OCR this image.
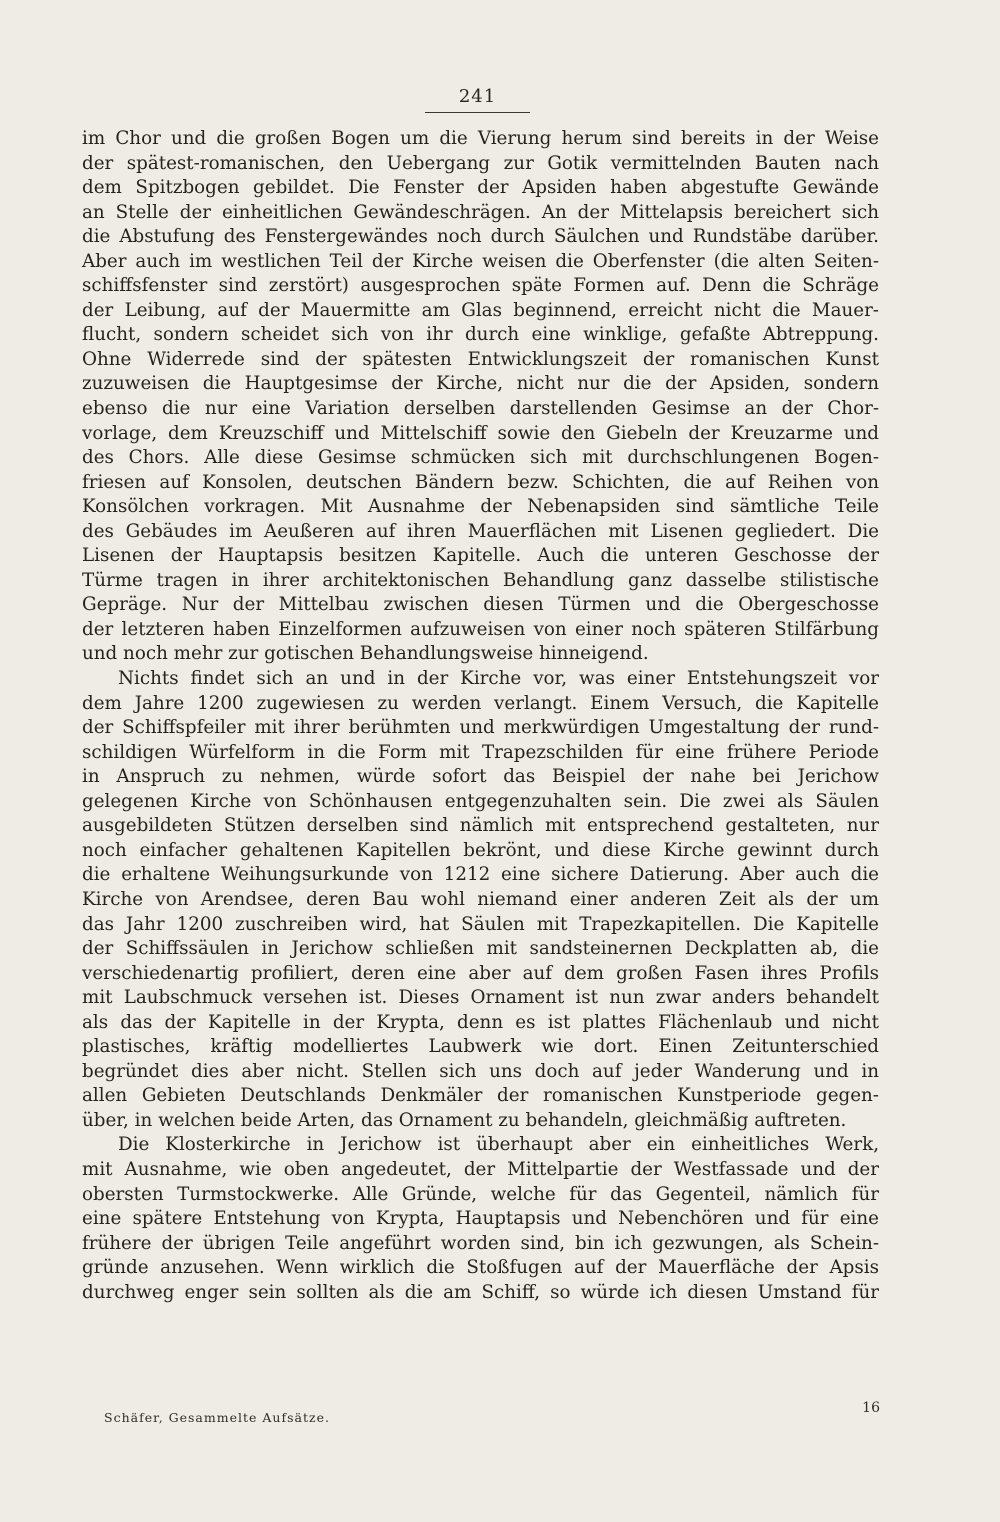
241
im Chor und die großen Bogen um die Vierung herum sind bereits in der Weise
der spätest-romanischen, den Uebergang zur Gotik vermittelnden Bauten nach
dem Spitzbogen gebildet. Die Fenster der Apsiden haben abgestufte Gewände
an Stelle der einheitlichen Gewändeschrägen. An der Mittelapsis bereichert sich
die Abstufung des Fenstergewändes noch durch Säulchen und Rundstäbe darüber.
Aber auch im westlichen Teil der Kirche weisen die Oberfenster (die alten Seiten-
schiffsfenster sind zerstört) ausgesprochen späte Formen auf. Denn die Schräge
der Leibung, auf der Mauermitte am Glas beginnend, erreicht nicht die Mauer-
flucht, sondern scheidet sich von ihr durch eine winklige, gefaßte Abtreppung.
Ohne Widerrede sind der spätesten Entwicklungszeit der romanischen Kunst
zuzuweisen die Hauptgesimse der Kirche, nicht nur die der Apsiden, sondern
ebenso die nur eine Variation derselben darstellenden Gesimse an der Chor-
vorlage, dem Kreuzschiff und Mittelschiff sowie den Giebeln der Kreuzarme und
des Chors. Alle diese Gesimse schmücken sich mit durchschlungenen Bogen-
friesen auf Konsolen, deutschen Bändern bezw. Schichten, die auf Reihen von
Konsölchen vorkragen. Mit Ausnahme der Nebenapsiden sind sämtliche Teile
des Gebäudes im Aeußeren auf ihren Mauerflächen mit Lisenen gegliedert. Die
Lisenen der Hauptapsis besitzen Kapitelle. Auch die unteren Geschosse der
Türme tragen in ihrer architektonischen Behandlung ganz dasselbe stilistische
Gepräge. Nur der Mittelbau zwischen diesen Türmen und die Obergeschosse
der letzteren haben Einzelformen aufzuweisen von einer noch späteren Stilfärbung
und noch mehr zur gotischen Behandlungsweise hinneigend.
Nichts findet sich an und in der Kirche vor, was einer Entstehungszeit vor
dem Jahre 1200 zugewiesen zu werden verlangt. Einem Versuch, die Kapitelle
der Schiffspfeiler mit ihrer berühmten und merkwürdigen Umgestaltung der rund-
schildigen Würfelform in die Form mit Trapezschilden für eine frühere Periode
in Anspruch zu nehmen, würde sofort das Beispiel der nahe bei Jerichow
gelegenen Kirche von Schönhausen entgegenzuhalten sein. Die zwei als Säulen
ausgebildeten Stützen derselben sind nämlich mit entsprechend gestalteten, nur
noch einfacher gehaltenen Kapitellen bekrönt, und diese Kirche gewinnt durch
die erhaltene Weihungsurkunde von 1212 eine sichere Datierung. Aber auch die
Kirche von Arendsee, deren Bau wohl niemand einer anderen Zeit als der um
das Jahr 1200 zuschreiben wird, hat Säulen mit Trapezkapitellen. Die Kapitelle
der Schiffssäulen in Jerichow schließen mit sandsteinernen Deckplatten ab, die
verschiedenartig profiliert, deren eine aber auf dem großen Fasen ihres Profils
mit Laubschmuck versehen ist. Dieses Ornament ist nun zwar anders behandelt
als das der Kapitelle in der Krypta, denn es ist plattes Flächenlaub und nicht
plastisches, kräftig modelliertes Laubwerk wie dort. Einen Zeitunterschied
begründet dies aber nicht. Stellen sich uns doch auf jeder Wanderung und in
allen Gebieten Deutschlands Denkmäler der romanischen Kunstperiode gegen-
über, in welchen beide Arten, das Ornament zu behandeln, gleichmäßig auftreten.
Die Klosterkirche in Jerichow ist überhaupt aber ein einheitliches Werk,
mit Ausnahme, wie oben angedeutet, der Mittelpartie der Westfassade und der
obersten Turmstockwerke. Alle Gründe, welche für das Gegenteil, nämlich für
eine spätere Entstehung von Krypta, Hauptapsis und Nebenchören und für eine
frühere der übrigen Teile angeführt worden sind, bin ich gezwungen, als Schein-
gründe anzusehen. Wenn wirklich die Stoßfugen auf der Mauerfläche der Apsis
durchweg enger sein sollten als die am Schiff, so würde ich diesen Umstand für
Schäfer, Gesammelte Aufsätze.
16
